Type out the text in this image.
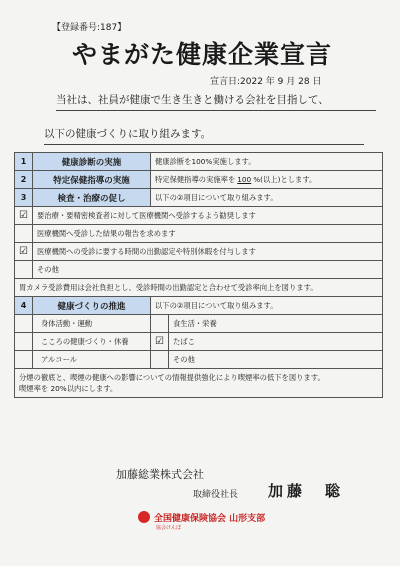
【登録番号:187】
やまがた健康企業宣言
宣言日:2022 年 9 月 28 日
当社は、社員が健康で生き生きと働ける会社を目指して、
以下の健康づくりに取り組みます。
1	健康診断の実施	健康診断を100%実施します。	
2	特定保健指導の実施	特定保健指導の実施率を 100 %(以上)とします。	
3	検査・治療の促し	以下の②項目について取り組みます。	
☑	要治療・要精密検査者に対して医療機関へ受診するよう勧奨します		
	医療機関へ受診した結果の報告を求めます		
☑	医療機関への受診に要する時間の出勤認定や特別休暇を付与します		
	その他		
胃カメラ受診費用は会社負担とし、受診時間の出勤認定と合わせて受診率向上を図ります。			
4	健康づくりの推進	以下の②項目について取り組みます。	
	身体活動・運動		食生活・栄養
	こころの健康づくり・休養	☑	たばこ
	アルコール		その他

分煙の徹底と、喫煙の健康への影響についての情報提供強化により喫煙率の低下を図ります。
喫煙率を 20%以内にします。			
加藤総業株式会社
取締役社長 加藤　聡
全国健康保険協会 山形支部
協会けんぽ
